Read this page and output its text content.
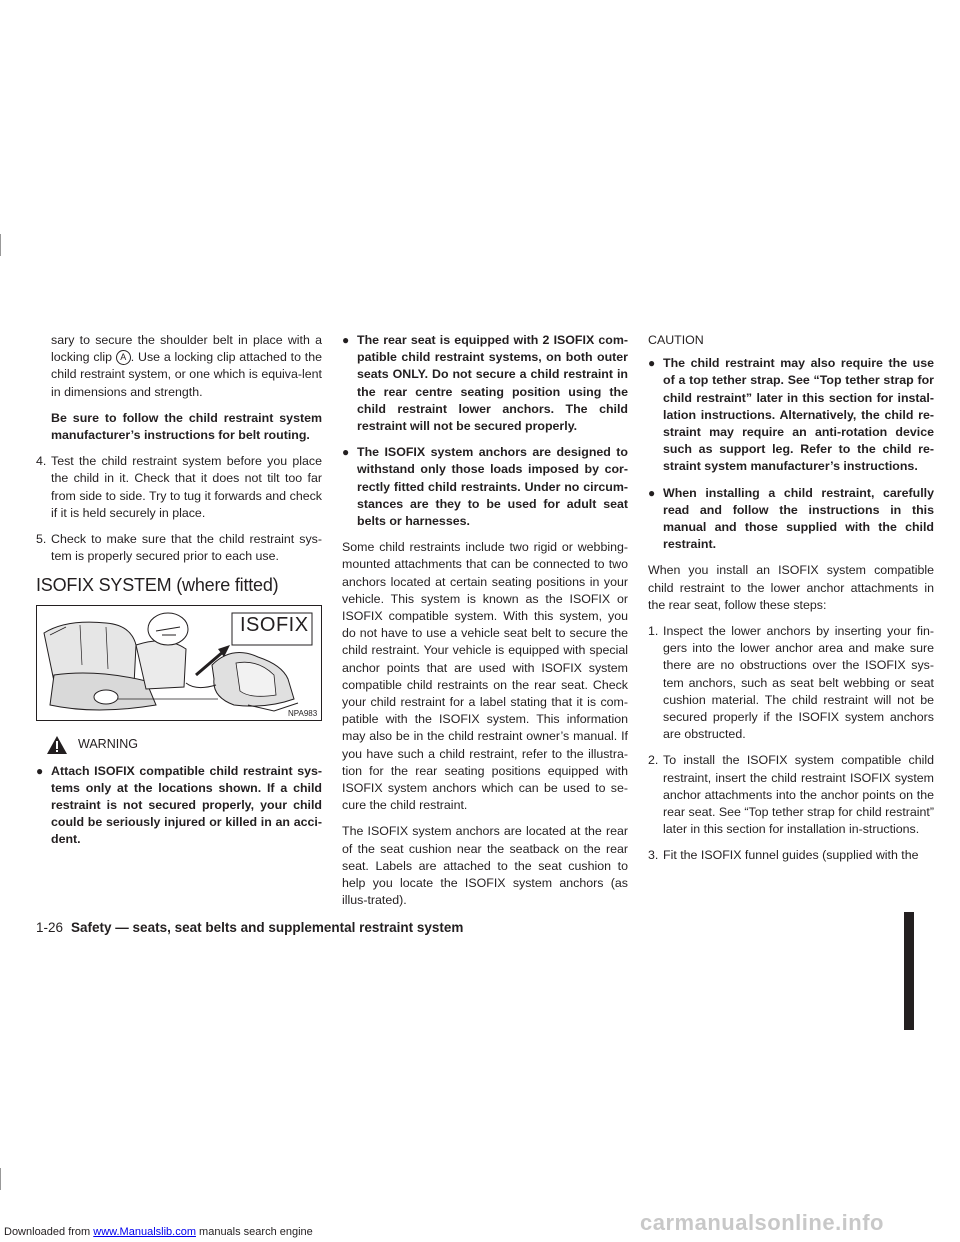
sary to secure the shoulder belt in place with a locking clip A . Use a locking clip attached to the child restraint system, or one which is equiva-lent in dimensions and strength.

Be sure to follow the child restraint system manufacturer’s instructions for belt routing.

4. Test the child restraint system before you place the child in it. Check that it does not tilt too far from side to side. Try to tug it forwards and check if it is held securely in place.
5. Check to make sure that the child restraint sys-tem is properly secured prior to each use.
ISOFIX SYSTEM (where fitted)
ISOFIX
NPA983
WARNING
● Attach ISOFIX compatible child restraint sys-tems only at the locations shown. If a child restraint is not secured properly, your child could be seriously injured or killed in an acci-dent.
● The rear seat is equipped with 2 ISOFIX com-patible child restraint systems, on both outer seats ONLY. Do not secure a child restraint in the rear centre seating position using the child restraint lower anchors. The child restraint will not be secured properly.
● The ISOFIX system anchors are designed to withstand only those loads imposed by cor-rectly fitted child restraints. Under no circum-stances are they to be used for adult seat belts or harnesses.

Some child restraints include two rigid or webbing-mounted attachments that can be connected to two anchors located at certain seating positions in your vehicle. This system is known as the ISOFIX or ISOFIX compatible system. With this system, you do not have to use a vehicle seat belt to secure the child restraint. Your vehicle is equipped with special anchor points that are used with ISOFIX system compatible child restraints on the rear seat. Check your child restraint for a label stating that it is com-patible with the ISOFIX system. This information may also be in the child restraint owner’s manual. If you have such a child restraint, refer to the illustra-tion for the rear seating positions equipped with ISOFIX system anchors which can be used to se-cure the child restraint.

The ISOFIX system anchors are located at the rear of the seat cushion near the seatback on the rear seat. Labels are attached to the seat cushion to help you locate the ISOFIX system anchors (as illus-trated).

CAUTION

● The child restraint may also require the use of a top tether strap. See “Top tether strap for child restraint” later in this section for instal-lation instructions. Alternatively, the child re-straint may require an anti-rotation device such as support leg. Refer to the child re-straint system manufacturer’s instructions.
● When installing a child restraint, carefully read and follow the instructions in this manual and those supplied with the child restraint.

When you install an ISOFIX system compatible child restraint to the lower anchor attachments in the rear seat, follow these steps:

1. Inspect the lower anchors by inserting your fin-gers into the lower anchor area and make sure there are no obstructions over the ISOFIX sys-tem anchors, such as seat belt webbing or seat cushion material. The child restraint will not be secured properly if the ISOFIX system anchors are obstructed.
2. To install the ISOFIX system compatible child restraint, insert the child restraint ISOFIX system anchor attachments into the anchor points on the rear seat. See “Top tether strap for child restraint” later in this section for installation in-structions.
3. Fit the ISOFIX funnel guides (supplied with the
1-26 Safety — seats, seat belts and supplemental restraint system
Downloaded from www.Manualslib.com manuals search engine	carmanualsonline.info
